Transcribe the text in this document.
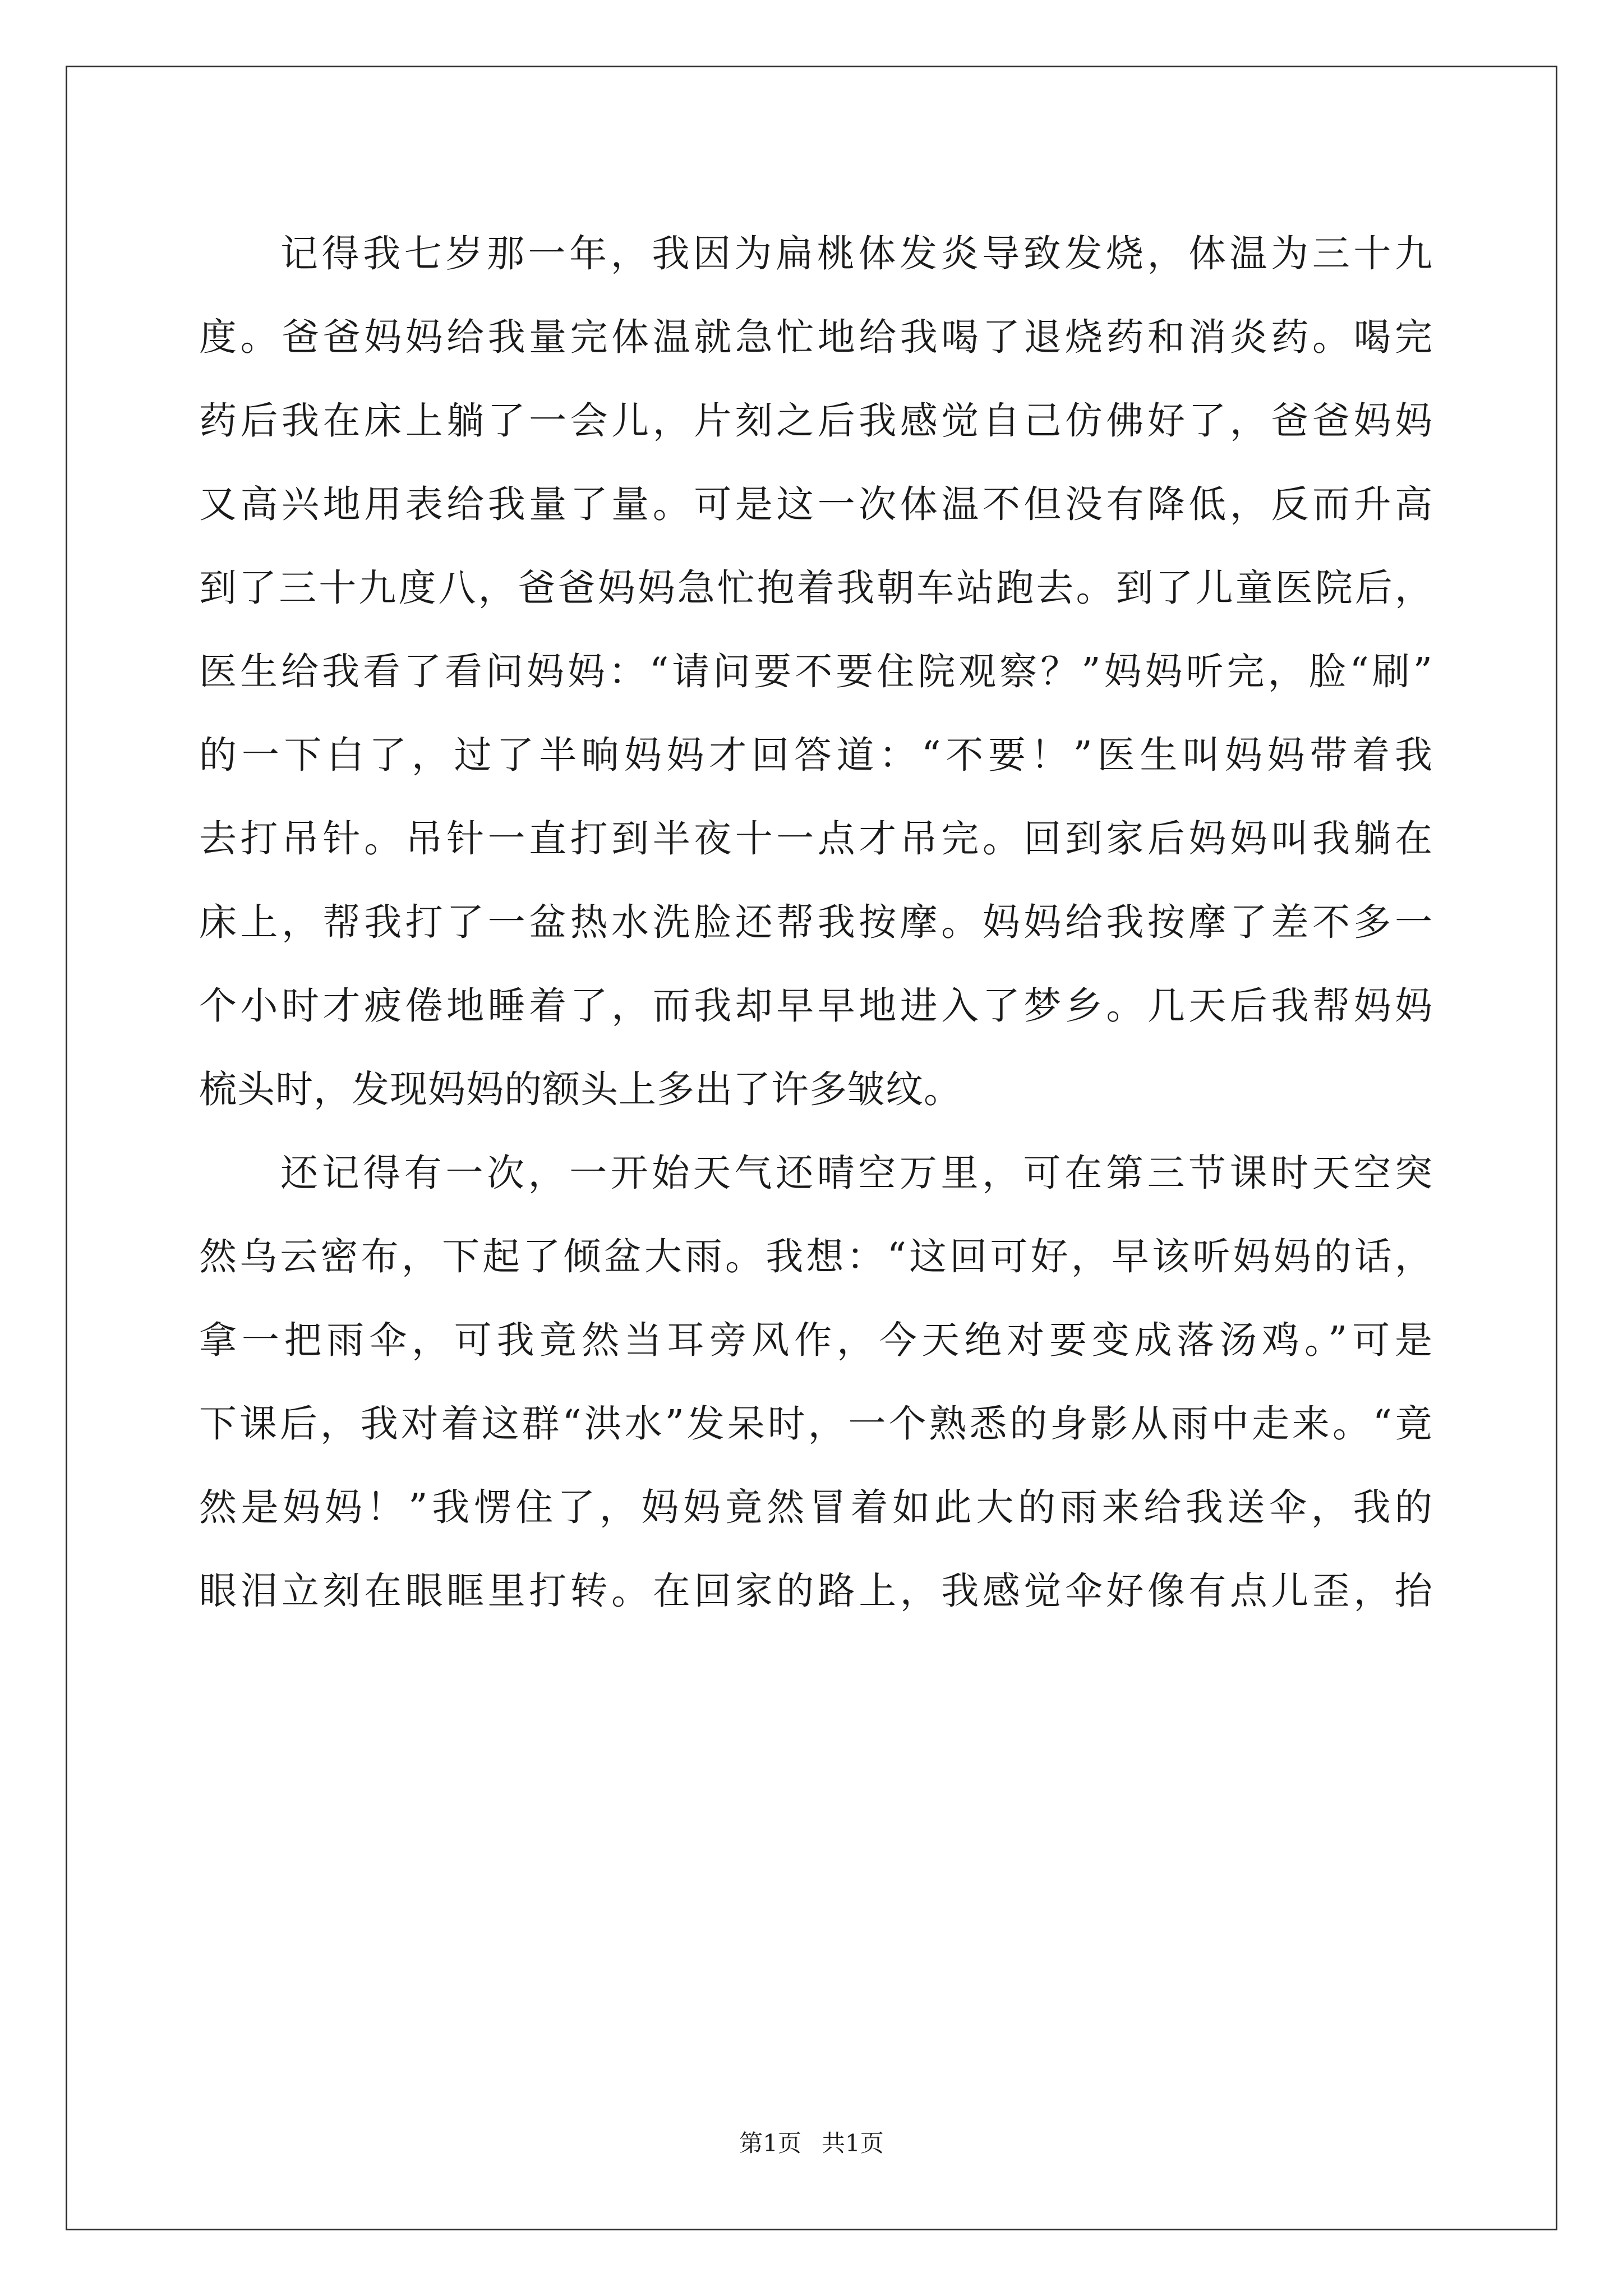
记得我七岁那一年，我因为扁桃体发炎导致发烧，体温为三十九
度。爸爸妈妈给我量完体温就急忙地给我喝了退烧药和消炎药。喝完
药后我在床上躺了一会儿，片刻之后我感觉自己仿佛好了，爸爸妈妈
又高兴地用表给我量了量。可是这一次体温不但没有降低，反而升高
到了三十九度八，爸爸妈妈急忙抱着我朝车站跑去。到了儿童医院后，
医生给我看了看问妈妈：“请问要不要住院观察？”妈妈听完，脸“刷”
的一下白了，过了半晌妈妈才回答道：“不要！”医生叫妈妈带着我
去打吊针。吊针一直打到半夜十一点才吊完。回到家后妈妈叫我躺在
床上，帮我打了一盆热水洗脸还帮我按摩。妈妈给我按摩了差不多一
个小时才疲倦地睡着了，而我却早早地进入了梦乡。几天后我帮妈妈
梳头时，发现妈妈的额头上多出了许多皱纹。
还记得有一次，一开始天气还晴空万里，可在第三节课时天空突
然乌云密布，下起了倾盆大雨。我想：“这回可好，早该听妈妈的话，
拿一把雨伞，可我竟然当耳旁风作，今天绝对要变成落汤鸡。”可是
下课后，我对着这群“洪水”发呆时，一个熟悉的身影从雨中走来。“竟
然是妈妈！”我愣住了，妈妈竟然冒着如此大的雨来给我送伞，我的
眼泪立刻在眼眶里打转。在回家的路上，我感觉伞好像有点儿歪，抬
第1页 共1页
